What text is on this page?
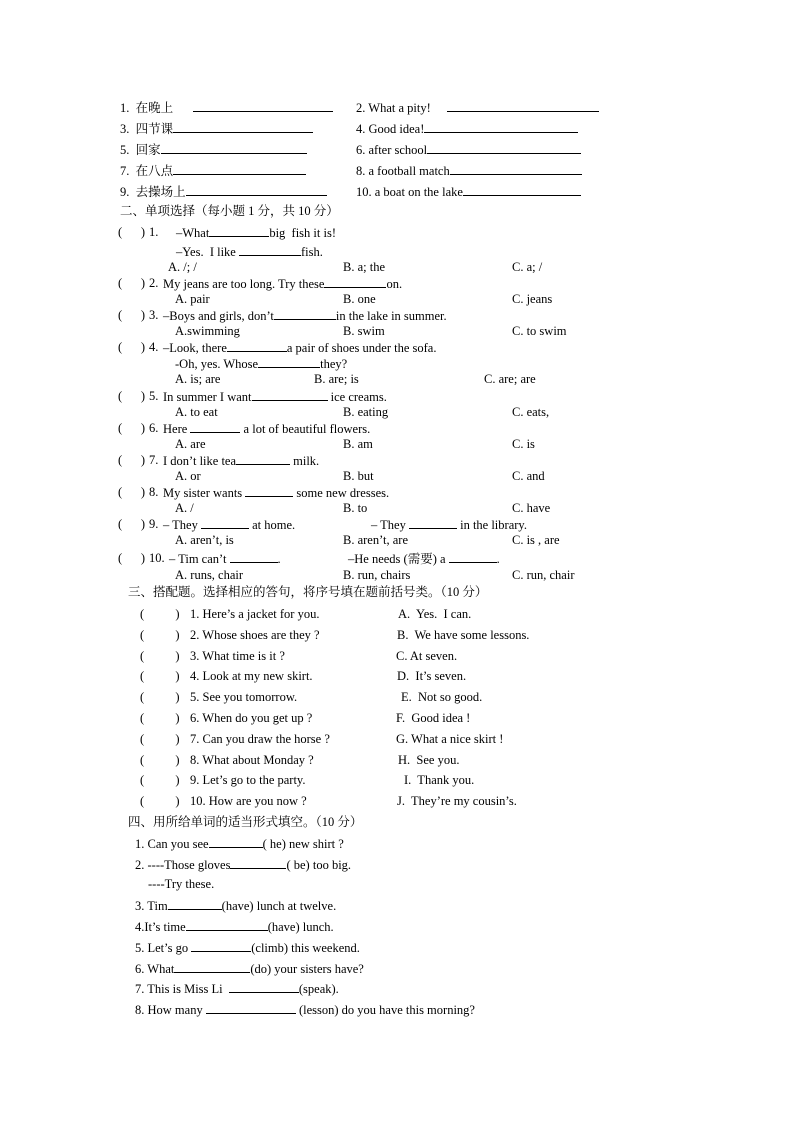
1.  在晚上	2. What a pity!
3.  四节课	4. Good idea!
5.  回家	6. after school
7.  在八点	8. a football match
9.  去操场上	10. a boat on the lake
二、单项选择（每小题 1 分，共 10 分）
(      ) 1. –What	big  fish it is!
–Yes.  I like	fish.
A. /; /	B. a; the	C. a; /
(      ) 2. My jeans are too long. Try these	on.
A. pair	B. one	C. jeans
(      ) 3. –Boys and girls, don’t	in the lake in summer.
A.swimming	B. swim	C. to swim
(      ) 4. –Look, there	a pair of shoes under the sofa.
-Oh, yes. Whose	they?
A. is; are	B. are; is	C. are; are
(      ) 5. In summer I want	ice creams.
A. to eat	B. eating	C. eats,
(      ) 6. Here	a lot of beautiful flowers.
A. are	B. am	C. is
(      ) 7. I don’t like tea	milk.
A. or	B. but	C. and
(      ) 8. My sister wants	some new dresses.
A. /	B. to	C. have
(      ) 9. – They	at home.	– They	in the library.
A. aren’t, is	B. aren’t, are	C. is , are
(      ) 10. – Tim can’t	.	–He needs (需要) a	.
A. runs, chair	B. run, chairs	C. run, chair
三、搭配题。选择相应的答句，将序号填在题前括号类。（10 分）
(          ) 1. Here’s a jacket for you.	A.  Yes.  I can.
(          ) 2. Whose shoes are they ?	B.  We have some lessons.
(          ) 3. What time is it ?	C. At seven.
(          ) 4. Look at my new skirt.	D.  It’s seven.
(          ) 5. See you tomorrow.	E.  Not so good.
(          ) 6. When do you get up ?	F.  Good idea !
(          ) 7. Can you draw the horse ?	G. What a nice skirt !
(          ) 8. What about Monday ?	H.  See you.
(          ) 9. Let’s go to the party.	I.  Thank you.
(          ) 10. How are you now ?	J.  They’re my cousin’s.
四、用所给单词的适当形式填空。（10 分）
1. Can you see	( he) new shirt ?
2. ----Those gloves	( be) too big.
----Try these.
3. Tim	(have) lunch at twelve.
4.It’s time	(have) lunch.
5. Let’s go	(climb) this weekend.
6. What	(do) your sisters have?
7. This is Miss Li	(speak).
8. How many	(lesson) do you have this morning?
